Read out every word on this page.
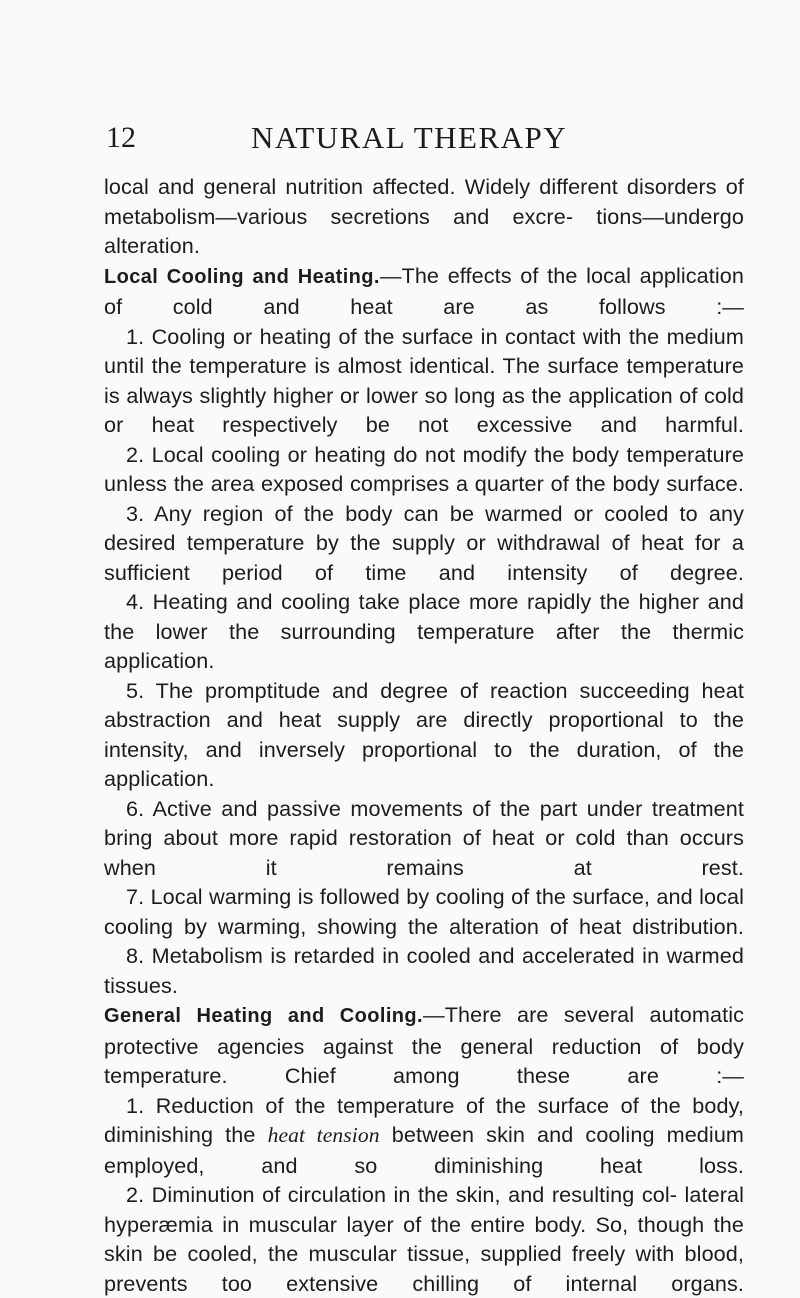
12	NATURAL THERAPY

local and general nutrition affected. Widely different disorders of metabolism—various secretions and excre- tions—undergo alteration.

Local Cooling and Heating.—The effects of the local application of cold and heat are as follows :—

1. Cooling or heating of the surface in contact with the medium until the temperature is almost identical. The surface temperature is always slightly higher or lower so long as the application of cold or heat respectively be not excessive and harmful.

2. Local cooling or heating do not modify the body temperature unless the area exposed comprises a quarter of the body surface.

3. Any region of the body can be warmed or cooled to any desired temperature by the supply or withdrawal of heat for a sufficient period of time and intensity of degree.

4. Heating and cooling take place more rapidly the higher and the lower the surrounding temperature after the thermic application.

5. The promptitude and degree of reaction succeeding heat abstraction and heat supply are directly proportional to the intensity, and inversely proportional to the duration, of the application.

6. Active and passive movements of the part under treatment bring about more rapid restoration of heat or cold than occurs when it remains at rest.

7. Local warming is followed by cooling of the surface, and local cooling by warming, showing the alteration of heat distribution.

8. Metabolism is retarded in cooled and accelerated in warmed tissues.

General Heating and Cooling.—There are several automatic protective agencies against the general reduction of body temperature. Chief among these are :—

1. Reduction of the temperature of the surface of the body, diminishing the heat tension between skin and cooling medium employed, and so diminishing heat loss.

2. Diminution of circulation in the skin, and resulting col- lateral hyperæmia in muscular layer of the entire body. So, though the skin be cooled, the muscular tissue, supplied freely with blood, prevents too extensive chilling of internal organs.
